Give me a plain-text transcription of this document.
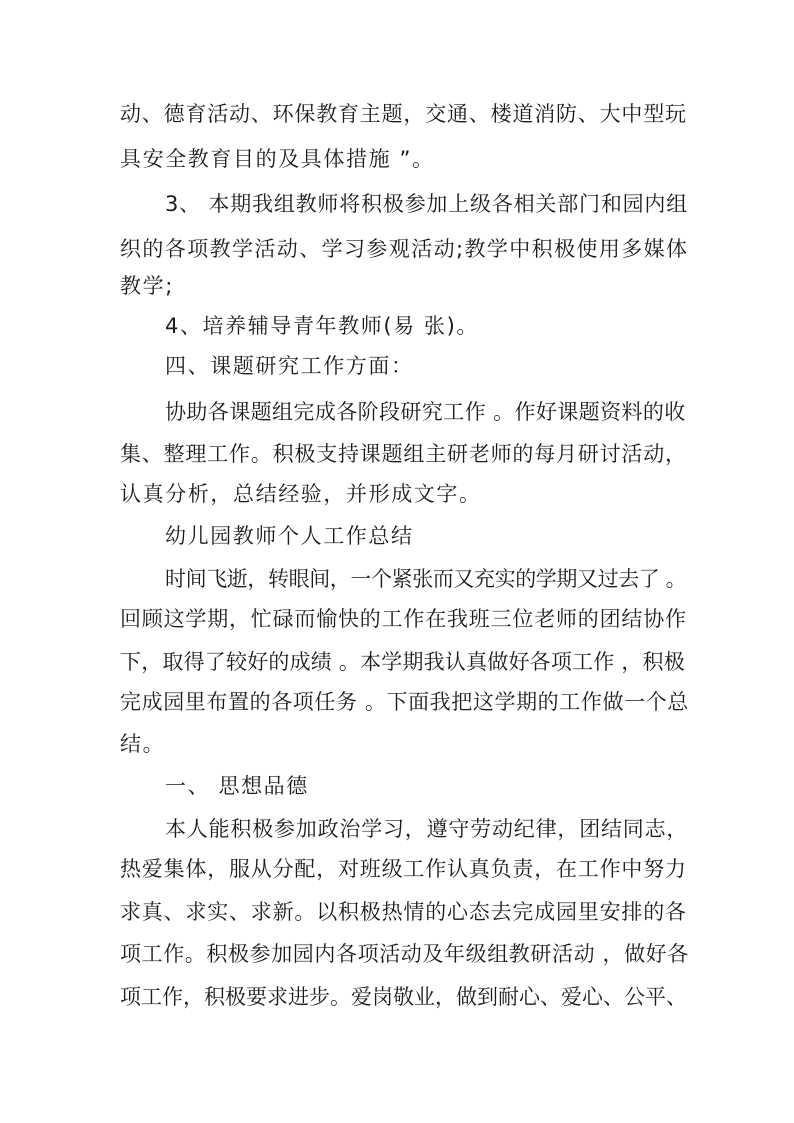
动、德育活动、环保教育主题，交通、楼道消防、大中型玩
具安全教育目的及具体措施 ”。
3、 本期我组教师将积极参加上级各相关部门和园内组
织的各项教学活动、学习参观活动;教学中积极使用多媒体
教学;
4、培养辅导青年教师(易 张)。
四、课题研究工作方面：
协助各课题组完成各阶段研究工作 。作好课题资料的收
集、整理工作。积极支持课题组主研老师的每月研讨活动，
认真分析，总结经验，并形成文字。
幼儿园教师个人工作总结
时间飞逝，转眼间，一个紧张而又充实的学期又过去了 。
回顾这学期，忙碌而愉快的工作在我班三位老师的团结协作
下，取得了较好的成绩 。本学期我认真做好各项工作 ，积极
完成园里布置的各项任务 。下面我把这学期的工作做一个总
结。
一、 思想品德
本人能积极参加政治学习，遵守劳动纪律，团结同志，
热爱集体，服从分配，对班级工作认真负责，在工作中努力
求真、求实、求新。以积极热情的心态去完成园里安排的各
项工作。积极参加园内各项活动及年级组教研活动 ，做好各
项工作，积极要求进步。爱岗敬业，做到耐心、爱心、公平、
